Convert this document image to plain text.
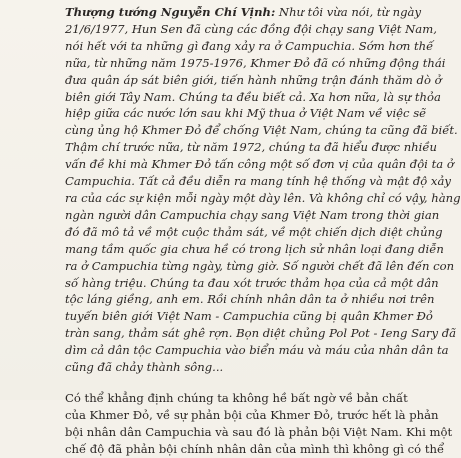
Thượng tướng Nguyễn Chí Vịnh: Như tôi vừa nói, từ ngày
21/6/1977, Hun Sen đã cùng các đồng đội chạy sang Việt Nam,
nói hết với ta những gì đang xảy ra ở Campuchia. Sớm hơn thế
nữa, từ những năm 1975-1976, Khmer Đỏ đã có những động thái
đưa quân áp sát biên giới, tiến hành những trận đánh thăm dò ở
biên giới Tây Nam. Chúng ta đều biết cả. Xa hơn nữa, là sự thỏa
hiệp giữa các nước lớn sau khi Mỹ thua ở Việt Nam về việc sẽ
cùng ủng hộ Khmer Đỏ để chống Việt Nam, chúng ta cũng đã biết.
Thậm chí trước nữa, từ năm 1972, chúng ta đã hiểu được nhiều
vấn đề khi mà Khmer Đỏ tấn công một số đơn vị của quân đội ta ở
Campuchia. Tất cả đều diễn ra mang tính hệ thống và mật độ xảy
ra của các sự kiện mỗi ngày một dày lên. Và không chỉ có vậy, hàng
ngàn người dân Campuchia chạy sang Việt Nam trong thời gian
đó đã mô tả về một cuộc thảm sát, về một chiến dịch diệt chủng
mang tầm quốc gia chưa hề có trong lịch sử nhân loại đang diễn
ra ở Campuchia từng ngày, từng giờ. Số người chết đã lên đến con
số hàng triệu. Chúng ta đau xót trước thảm họa của cả một dân
tộc láng giềng, anh em. Rồi chính nhân dân ta ở nhiều nơi trên
tuyến biên giới Việt Nam - Campuchia cũng bị quân Khmer Đỏ
tràn sang, thảm sát ghê rợn. Bọn diệt chủng Pol Pot - Ieng Sary đã
dìm cả dân tộc Campuchia vào biển máu và máu của nhân dân ta
cũng đã chảy thành sông...

Có thể khẳng định chúng ta không hề bất ngờ về bản chất
của Khmer Đỏ, về sự phản bội của Khmer Đỏ, trước hết là phản
bội nhân dân Campuchia và sau đó là phản bội Việt Nam. Khi một
chế độ đã phản bội chính nhân dân của mình thì không gì có thể
